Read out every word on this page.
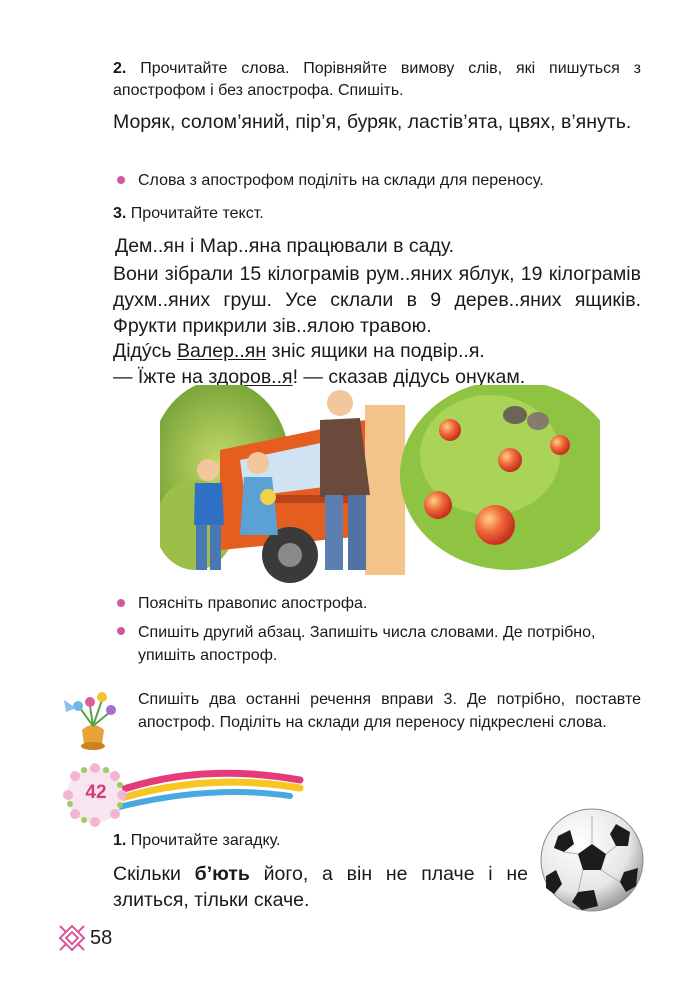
2. Прочитайте слова. Порівняйте вимову слів, які пишуться з апострофом і без апострофа. Спишіть.
Моряк, солом’яний, пір’я, буряк, ластів’ята, цвях, в’януть.
Слова з апострофом поділіть на склади для переносу.
3. Прочитайте текст.
Дем..ян і Мар..яна працювали в саду.
Вони зібрали 15 кілограмів рум..яних яблук, 19 кілограмів духм..яних груш. Усе склали в 9 дерев..яних ящиків. Фрукти прикрили зів..ялою травою.
Дідýсь Валер..ян зніс ящики на подвір..я.
— Їжте на здоров..я! — сказав дідусь онукам.
Поясніть правопис апострофа.
Спишіть другий абзац. Запишіть числа словами. Де потрібно, упишіть апостроф.
Спишіть два останні речення вправи 3. Де потрібно, поставте апостроф. Поділіть на склади для переносу підкреслені слова.
42
1. Прочитайте загадку.
Скільки б’ють його, а він не плаче і не злиться, тільки скаче.
58
